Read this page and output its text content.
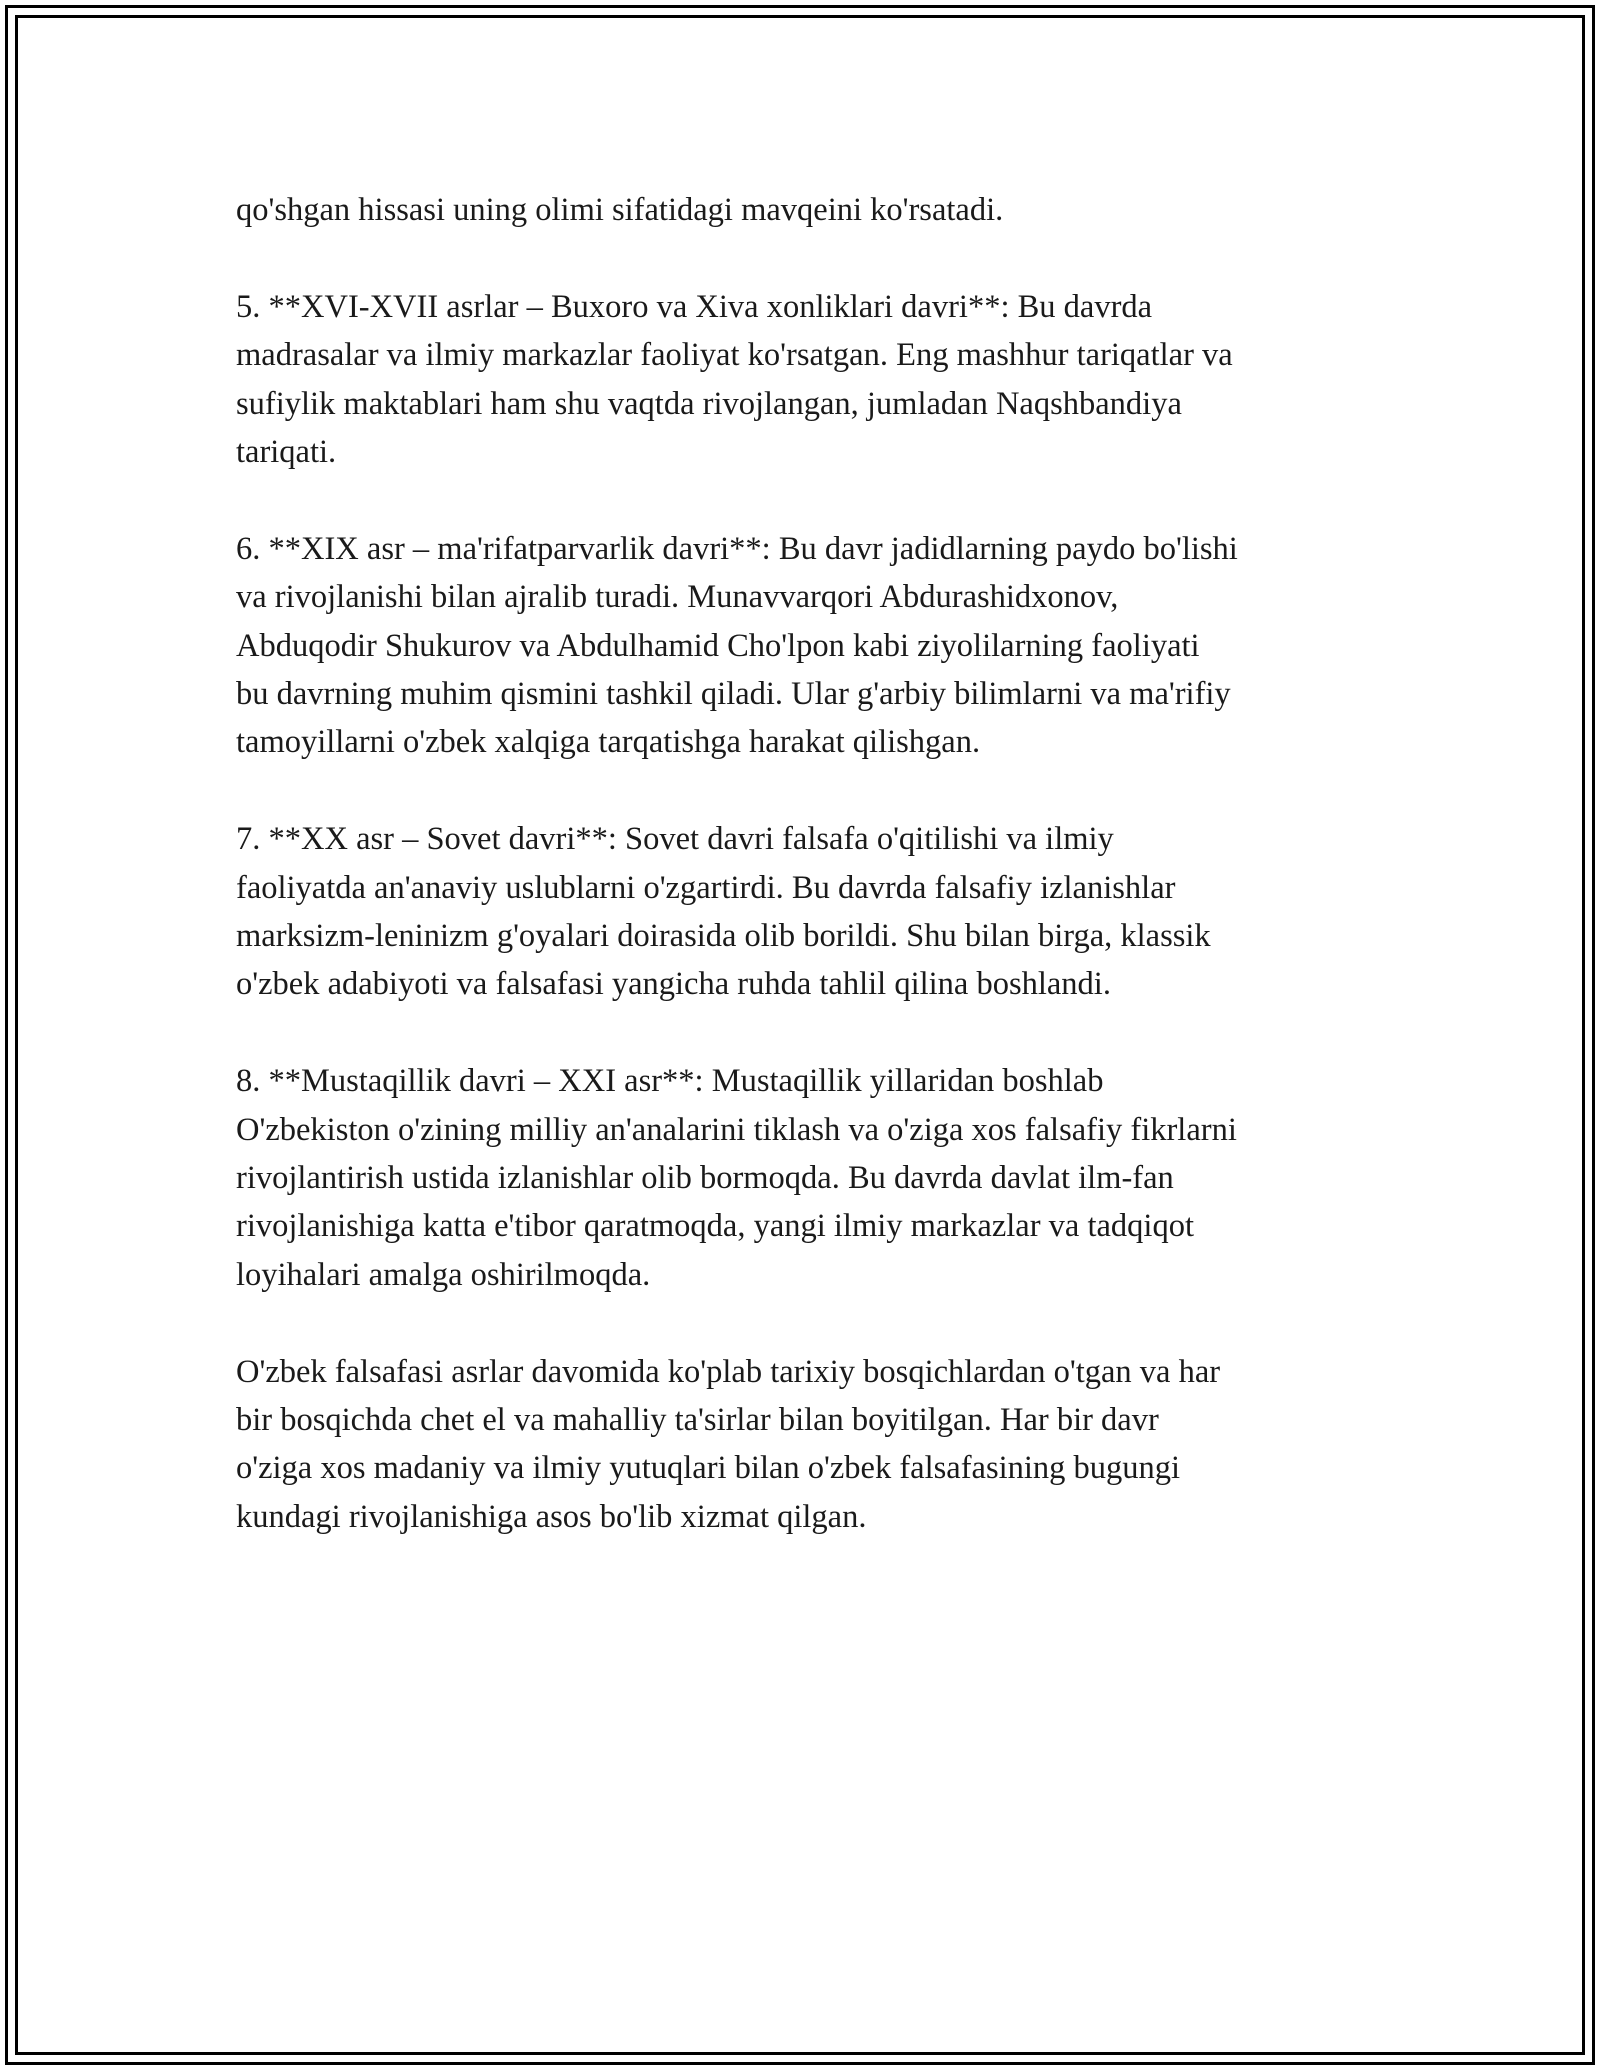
qo'shgan hissasi uning olimi sifatidagi mavqeini ko'rsatadi.

5. **XVI-XVII asrlar – Buxoro va Xiva xonliklari davri**: Bu davrda
madrasalar va ilmiy markazlar faoliyat ko'rsatgan. Eng mashhur tariqatlar va
sufiylik maktablari ham shu vaqtda rivojlangan, jumladan Naqshbandiya
tariqati.

6. **XIX asr – ma'rifatparvarlik davri**: Bu davr jadidlarning paydo bo'lishi
va rivojlanishi bilan ajralib turadi. Munavvarqori Abdurashidxonov,
Abduqodir Shukurov va Abdulhamid Cho'lpon kabi ziyolilarning faoliyati
bu davrning muhim qismini tashkil qiladi. Ular g'arbiy bilimlarni va ma'rifiy
tamoyillarni o'zbek xalqiga tarqatishga harakat qilishgan.

7. **XX asr – Sovet davri**: Sovet davri falsafa o'qitilishi va ilmiy
faoliyatda an'anaviy uslublarni o'zgartirdi. Bu davrda falsafiy izlanishlar
marksizm-leninizm g'oyalari doirasida olib borildi. Shu bilan birga, klassik
o'zbek adabiyoti va falsafasi yangicha ruhda tahlil qilina boshlandi.

8. **Mustaqillik davri – XXI asr**: Mustaqillik yillaridan boshlab
O'zbekiston o'zining milliy an'analarini tiklash va o'ziga xos falsafiy fikrlarni
rivojlantirish ustida izlanishlar olib bormoqda. Bu davrda davlat ilm-fan
rivojlanishiga katta e'tibor qaratmoqda, yangi ilmiy markazlar va tadqiqot
loyihalari amalga oshirilmoqda.

O'zbek falsafasi asrlar davomida ko'plab tarixiy bosqichlardan o'tgan va har
bir bosqichda chet el va mahalliy ta'sirlar bilan boyitilgan. Har bir davr
o'ziga xos madaniy va ilmiy yutuqlari bilan o'zbek falsafasining bugungi
kundagi rivojlanishiga asos bo'lib xizmat qilgan.
